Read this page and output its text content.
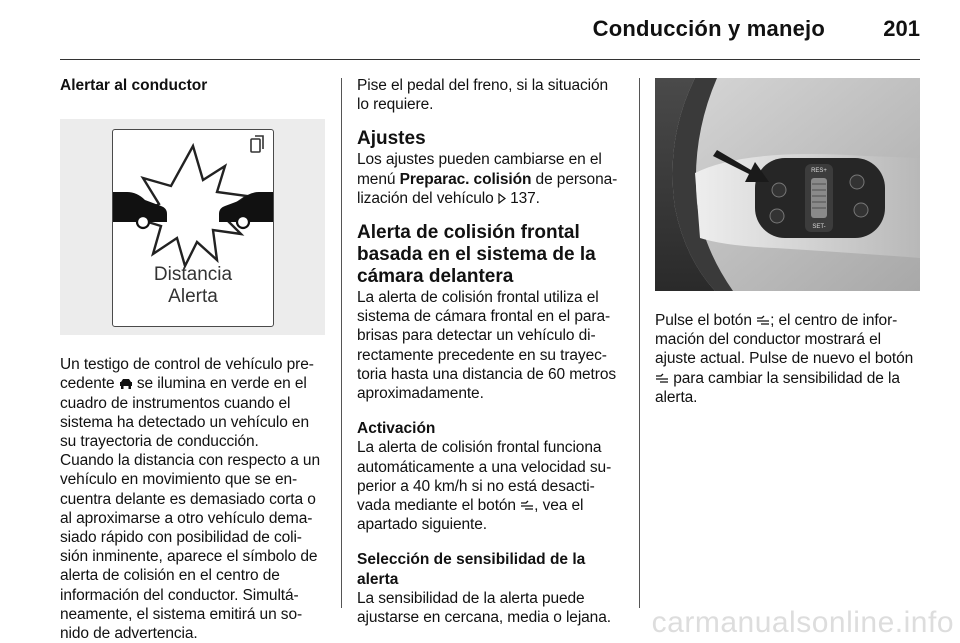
Conducción y manejo	201
Alertar al conductor
Distancia
Alerta

Un testigo de control de vehículo pre- cedente se ilumina en verde en el cuadro de instrumentos cuando el sistema ha detectado un vehículo en su trayectoria de conducción.

Cuando la distancia con respecto a un vehículo en movimiento que se en- cuentra delante es demasiado corta o al aproximarse a otro vehículo dema- siado rápido con posibilidad de coli- sión inminente, aparece el símbolo de alerta de colisión en el centro de información del conductor. Simultá- neamente, el sistema emitirá un so- nido de advertencia.

Pise el pedal del freno, si la situación lo requiere.

Ajustes

Los ajustes pueden cambiarse en el menú Preparac. colisión de persona- lización del vehículo 137.

Alerta de colisión frontal basada en el sistema de la cámara delantera

La alerta de colisión frontal utiliza el sistema de cámara frontal en el para- brisas para detectar un vehículo di- rectamente precedente en su trayec- toria hasta una distancia de 60 metros aproximadamente.

Activación

La alerta de colisión frontal funciona automáticamente a una velocidad su- perior a 40 km/h si no está desacti- vada mediante el botón , vea el apartado siguiente.

Selección de sensibilidad de la alerta

La sensibilidad de la alerta puede ajustarse en cercana, media o lejana.

RES+
SET-

Pulse el botón ; el centro de infor- mación del conductor mostrará el ajuste actual. Pulse de nuevo el botón  para cambiar la sensibilidad de la alerta.

carmanualsonline.info
